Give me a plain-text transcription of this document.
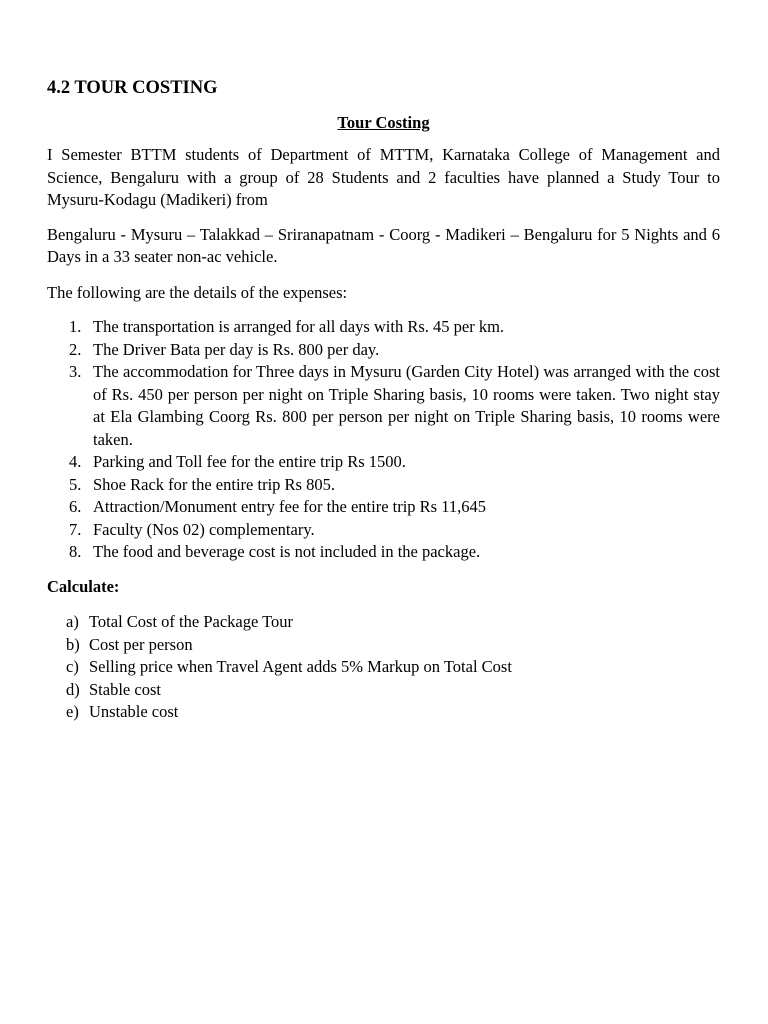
4.2 TOUR COSTING
Tour Costing

I Semester BTTM students of Department of MTTM, Karnataka College of Management and Science, Bengaluru with a group of 28 Students and 2 faculties have planned a Study Tour to Mysuru-Kodagu (Madikeri) from

Bengaluru - Mysuru – Talakkad – Sriranapatnam - Coorg - Madikeri – Bengaluru for 5 Nights and 6 Days in a 33 seater non-ac vehicle.

The following are the details of the expenses:

1. The transportation is arranged for all days with Rs. 45 per km.
2. The Driver Bata per day is Rs. 800 per day.
3. The accommodation for Three days in Mysuru (Garden City Hotel) was arranged with the cost of Rs. 450 per person per night on Triple Sharing basis, 10 rooms were taken. Two night stay at Ela Glambing Coorg Rs. 800 per person per night on Triple Sharing basis, 10 rooms were taken.
4. Parking and Toll fee for the entire trip Rs 1500.
5. Shoe Rack for the entire trip Rs 805.
6. Attraction/Monument entry fee for the entire trip Rs 11,645
7. Faculty (Nos 02) complementary.
8. The food and beverage cost is not included in the package.

Calculate:

a) Total Cost of the Package Tour
b) Cost per person
c) Selling price when Travel Agent adds 5% Markup on Total Cost
d) Stable cost
e) Unstable cost
